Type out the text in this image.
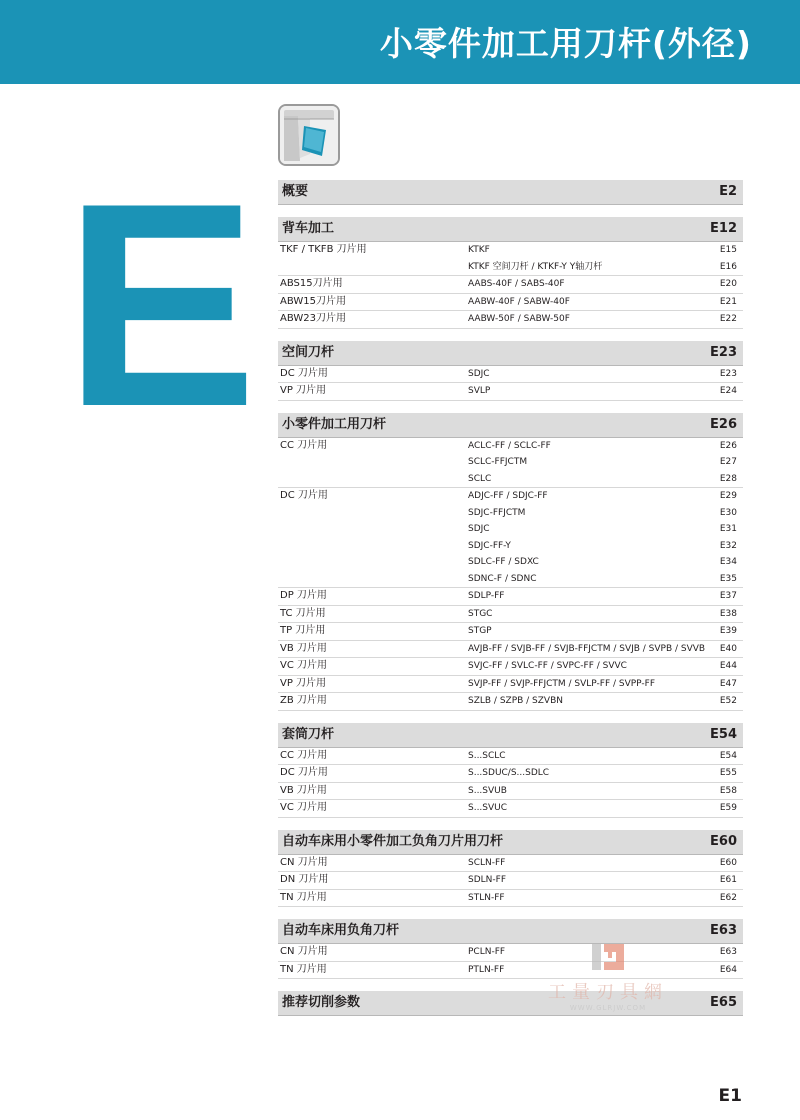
小零件加工用刀杆(外径)
E 概要	E2
背车加工	E12
TKF / TKFB 刀片用	KTKF	E15
KTKF 空间刀杆 / KTKF-Y Y轴刀杆	E16
ABS15刀片用	AABS-40F / SABS-40F	E20
ABW15刀片用	AABW-40F / SABW-40F	E21
ABW23刀片用	AABW-50F / SABW-50F	E22
空间刀杆	E23
DC 刀片用	SDJC	E23
VP 刀片用	SVLP	E24
小零件加工用刀杆	E26
CC 刀片用	ACLC-FF / SCLC-FF	E26
SCLC-FFJCTM	E27
SCLC	E28
DC 刀片用	ADJC-FF / SDJC-FF	E29
SDJC-FFJCTM	E30
SDJC	E31
SDJC-FF-Y	E32
SDLC-FF / SDXC	E34
SDNC-F / SDNC	E35
DP 刀片用	SDLP-FF	E37
TC 刀片用	STGC	E38
TP 刀片用	STGP	E39
VB 刀片用	AVJB-FF / SVJB-FF / SVJB-FFJCTM / SVJB / SVPB / SVVB E40
VC 刀片用	SVJC-FF / SVLC-FF / SVPC-FF / SVVC	E44
VP 刀片用	SVJP-FF / SVJP-FFJCTM / SVLP-FF / SVPP-FF	E47
ZB 刀片用	SZLB / SZPB / SZVBN	E52
套筒刀杆	E54
CC 刀片用	S...SCLC	E54
DC 刀片用	S...SDUC/S...SDLC	E55
VB 刀片用	S...SVUB	E58
VC 刀片用	S...SVUC	E59
自动车床用小零件加工负角刀片用刀杆	E60
CN 刀片用	SCLN-FF	E60
DN 刀片用	SDLN-FF	E61
TN 刀片用	STLN-FF	E62
自动车床用负角刀杆	E63
CN 刀片用	PCLN-FF	E63
TN 刀片用	PTLN-FF	E64
推荐切削参数	E65
工量刃具網
WWW.GLRJW.COM
E1
